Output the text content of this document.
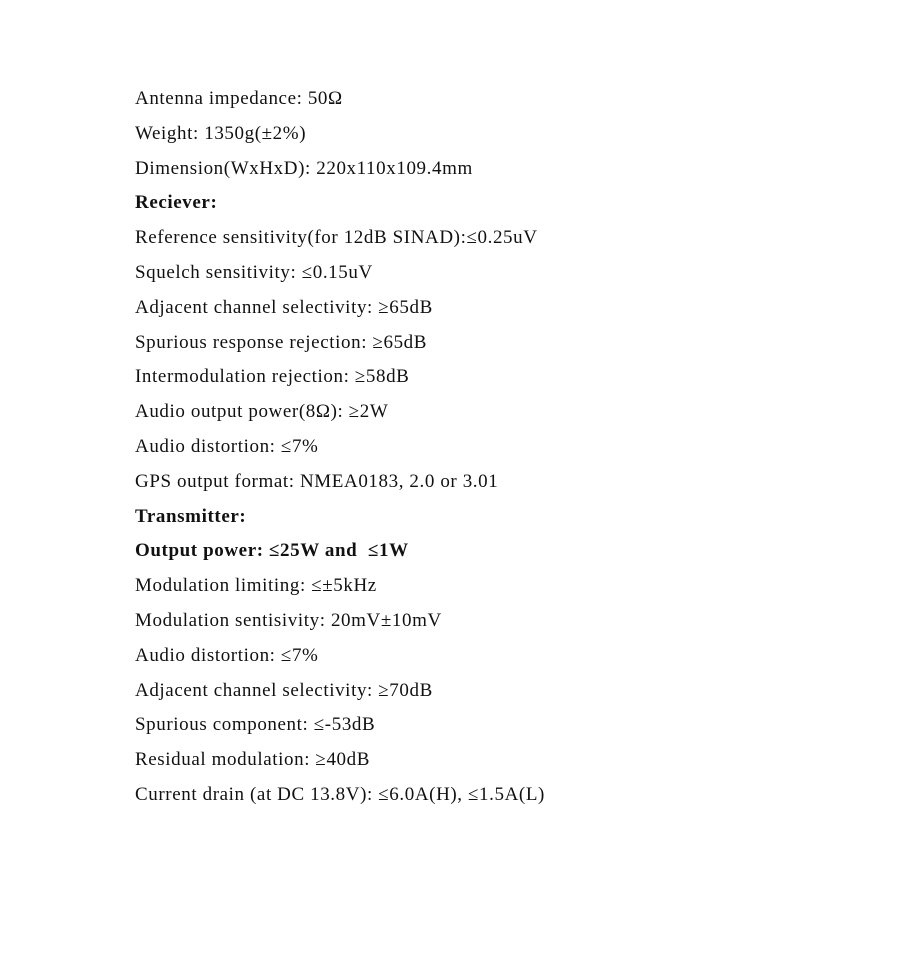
Antenna impedance: 50Ω
Weight: 1350g(±2%)
Dimension(WxHxD): 220x110x109.4mm
Reciever:
Reference sensitivity(for 12dB SINAD):≤0.25uV
Squelch sensitivity: ≤0.15uV
Adjacent channel selectivity: ≥65dB
Spurious response rejection: ≥65dB
Intermodulation rejection: ≥58dB
Audio output power(8Ω): ≥2W
Audio distortion: ≤7%
GPS output format: NMEA0183, 2.0 or 3.01
Transmitter:
Output power: ≤25W and  ≤1W
Modulation limiting: ≤±5kHz
Modulation sentisivity: 20mV±10mV
Audio distortion: ≤7%
Adjacent channel selectivity: ≥70dB
Spurious component: ≤-53dB
Residual modulation: ≥40dB
Current drain (at DC 13.8V): ≤6.0A(H), ≤1.5A(L)
